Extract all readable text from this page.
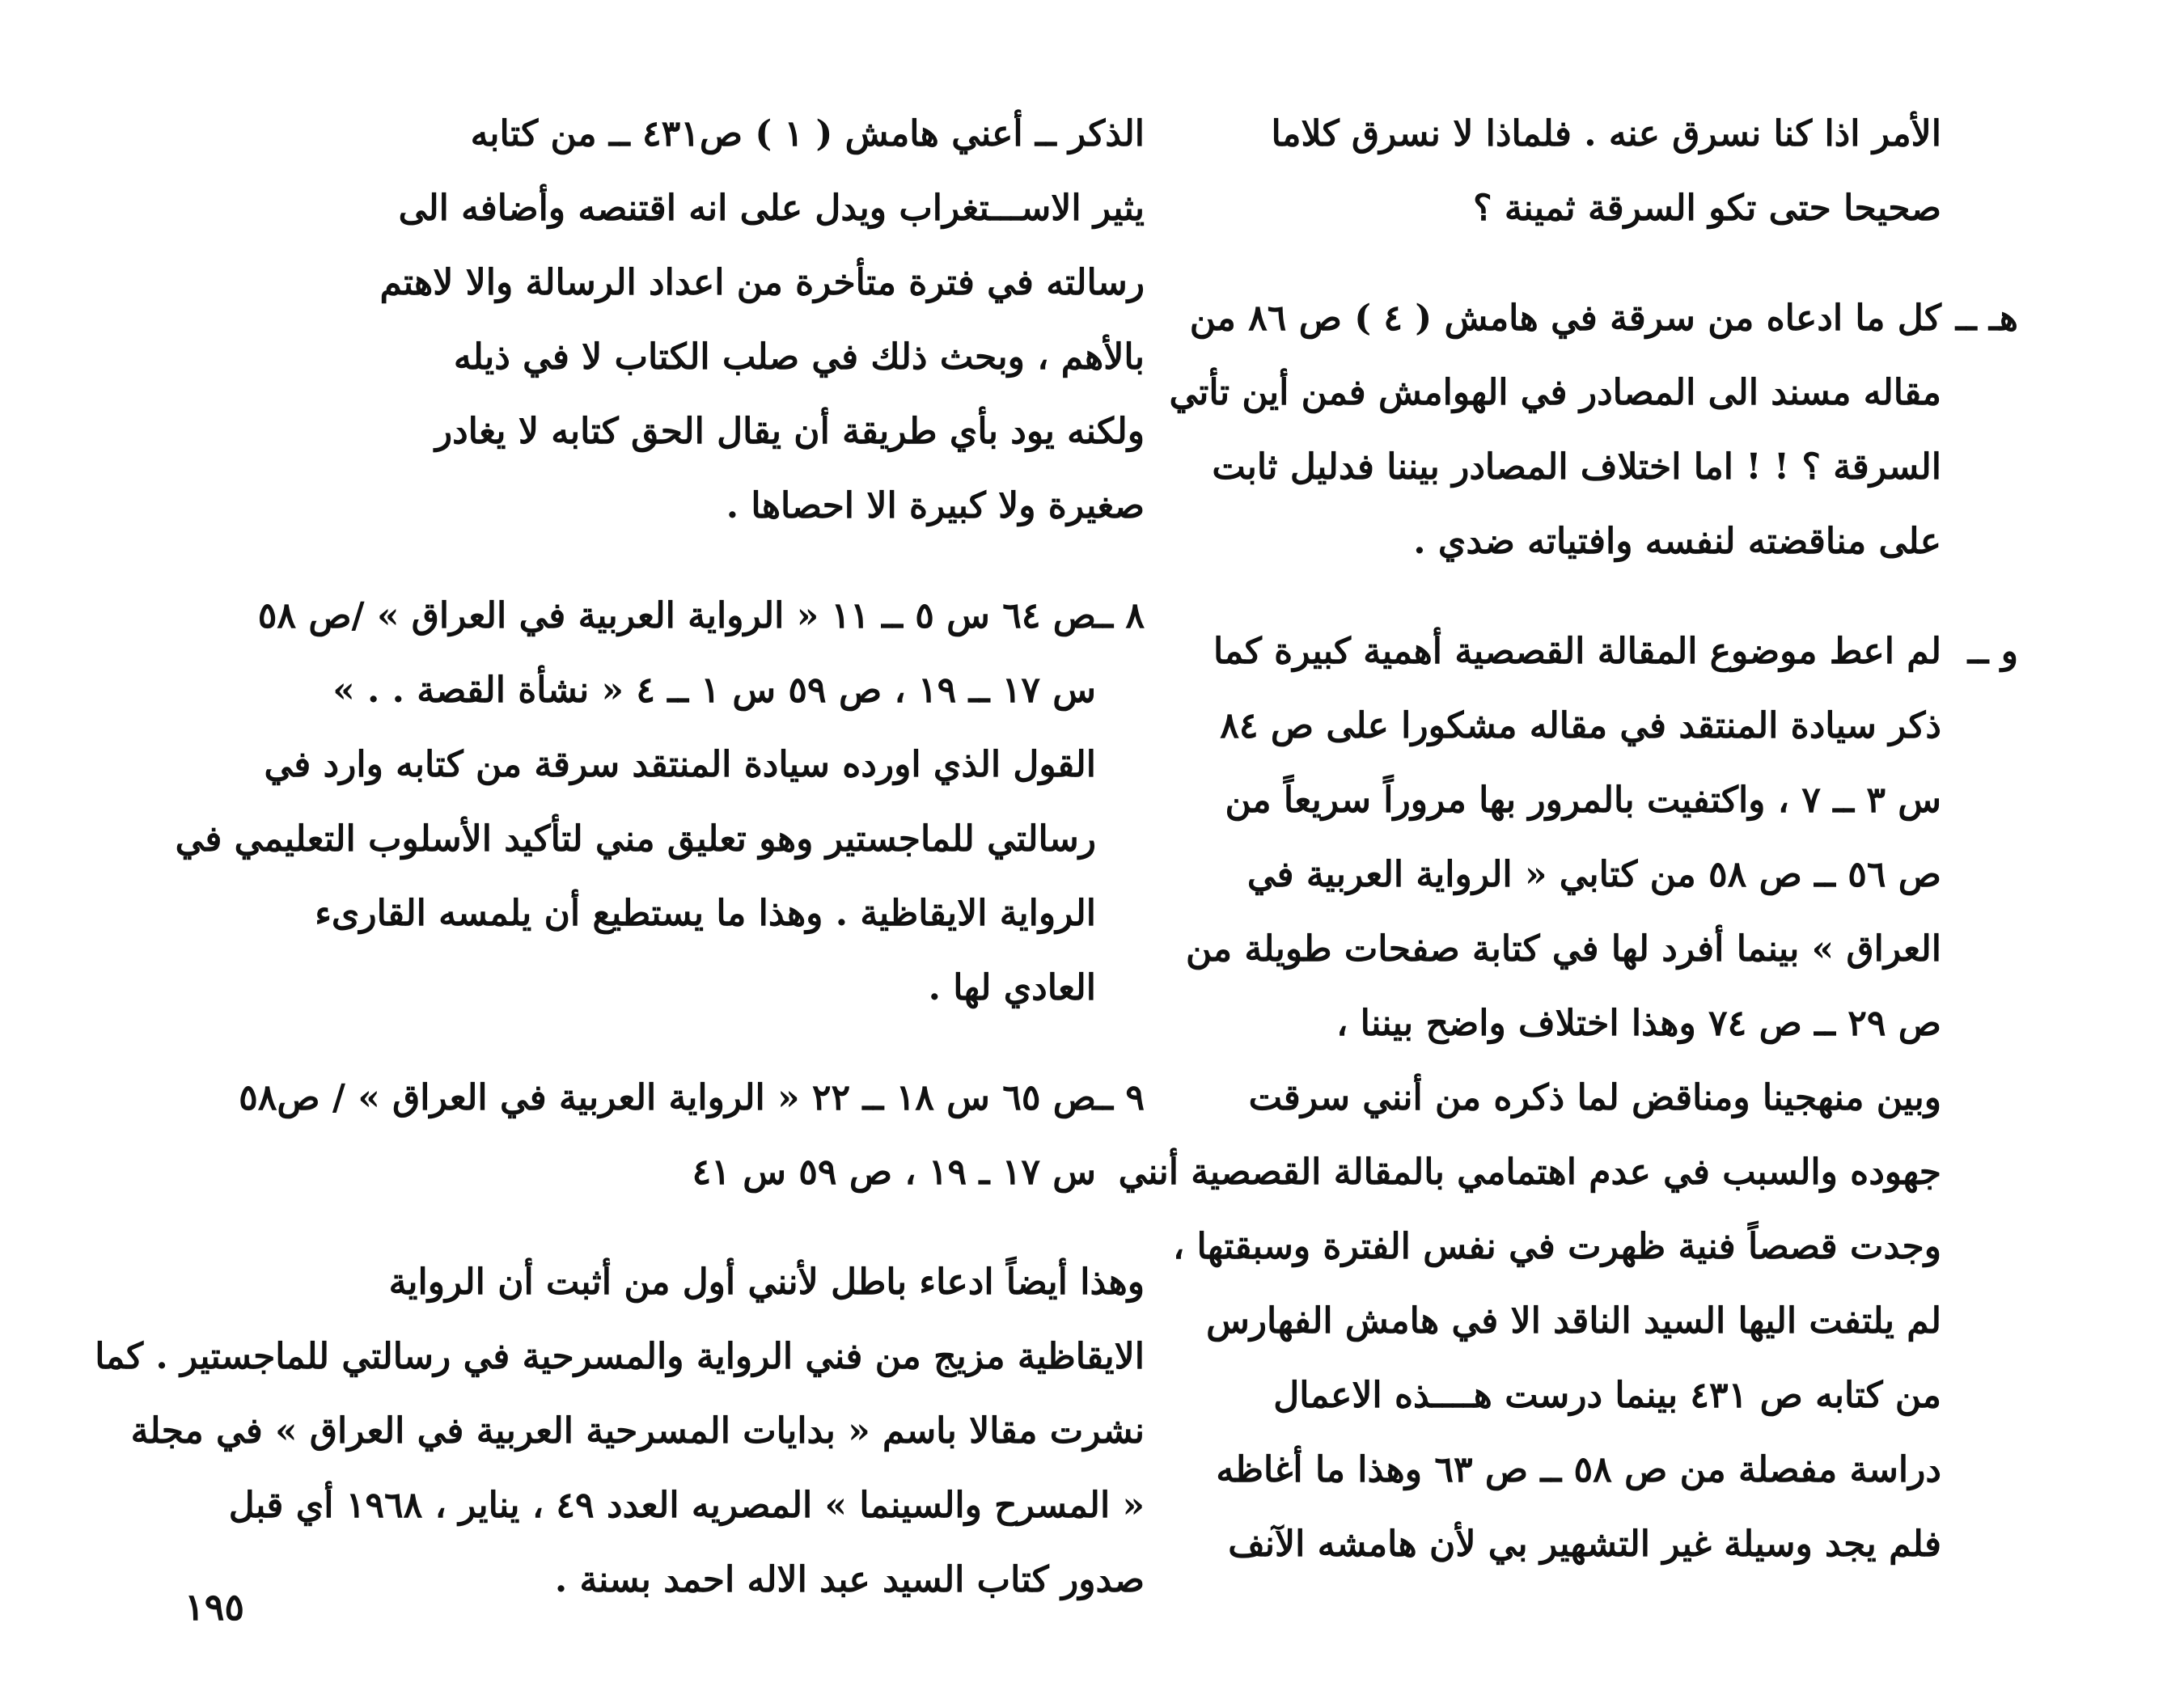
الأمر اذا كنا نسرق عنه . فلماذا لا نسرق كلاما
صحيحا حتى تكو السرقة ثمينة ؟
هـ ــ
كل ما ادعاه من سرقة في هامش ( ٤ ) ص ٨٦ من
مقاله مسند الى المصادر في الهوامش فمن أين تأتي
السرقة ؟ ! ! اما اختلاف المصادر بيننا فدليل ثابت
على مناقضته لنفسه وافتياته ضدي .
و ــ
لم اعط موضوع المقالة القصصية أهمية كبيرة كما
ذكر سيادة المنتقد في مقاله مشكورا على ص ٨٤
س ٣ ــ ٧ ، واكتفيت بالمرور بها مروراً سريعاً من
ص ٥٦ ــ ص ٥٨ من كتابي « الرواية العربية في
العراق » بينما أفرد لها في كتابة صفحات طويلة من
ص ٢٩ ــ ص ٧٤ وهذا اختلاف واضح بيننا ،
وبين منهجينا ومناقض لما ذكره من أنني سرقت
جهوده والسبب في عدم اهتمامي بالمقالة القصصية أنني
وجدت قصصاً فنية ظهرت في نفس الفترة وسبقتها ،
لم يلتفت اليها السيد الناقد الا في هامش الفهارس
من كتابه ص ٤٣١ بينما درست هــــذه الاعمال
دراسة مفصلة من ص ٥٨ ــ ص ٦٣ وهذا ما أغاظه
فلم يجد وسيلة غير التشهير بي لأن هامشه الآنف
الذكر ــ أعني هامش ( ١ ) ص٤٣١ ــ من كتابه
يثير الاســـتغراب ويدل على انه اقتنصه وأضافه الى
رسالته في فترة متأخرة من اعداد الرسالة والا لاهتم
بالأهم ، وبحث ذلك في صلب الكتاب لا في ذيله
ولكنه يود بأي طريقة أن يقال الحق كتابه لا يغادر
صغيرة ولا كبيرة الا احصاها .
٨ ــ
ص ٦٤ س ٥ ــ ١١ « الرواية العربية في العراق » /ص ٥٨
س ١٧ ــ ١٩ ، ص ٥٩ س ١ ــ ٤ « نشأة القصة . . »
القول الذي اورده سيادة المنتقد سرقة من كتابه وارد في
رسالتي للماجستير وهو تعليق مني لتأكيد الأسلوب التعليمي في
الرواية الايقاظية . وهذا ما يستطيع أن يلمسه القارىء
العادي لها .
٩ ــ
ص ٦٥ س ١٨ ــ ٢٢ « الرواية العربية في العراق » / ص٥٨
س ١٧ ـ ١٩ ، ص ٥٩ س ٤١
وهذا أيضاً ادعاء باطل لأنني أول من أثبت أن الرواية
الايقاظية مزيج من فني الرواية والمسرحية في رسالتي للماجستير . كما
نشرت مقالا باسم « بدايات المسرحية العربية في العراق » في مجلة
« المسرح والسينما » المصريه العدد ٤٩ ، يناير ، ١٩٦٨ أي قبل
صدور كتاب السيد عبد الاله احمد بسنة .
١٩٥
